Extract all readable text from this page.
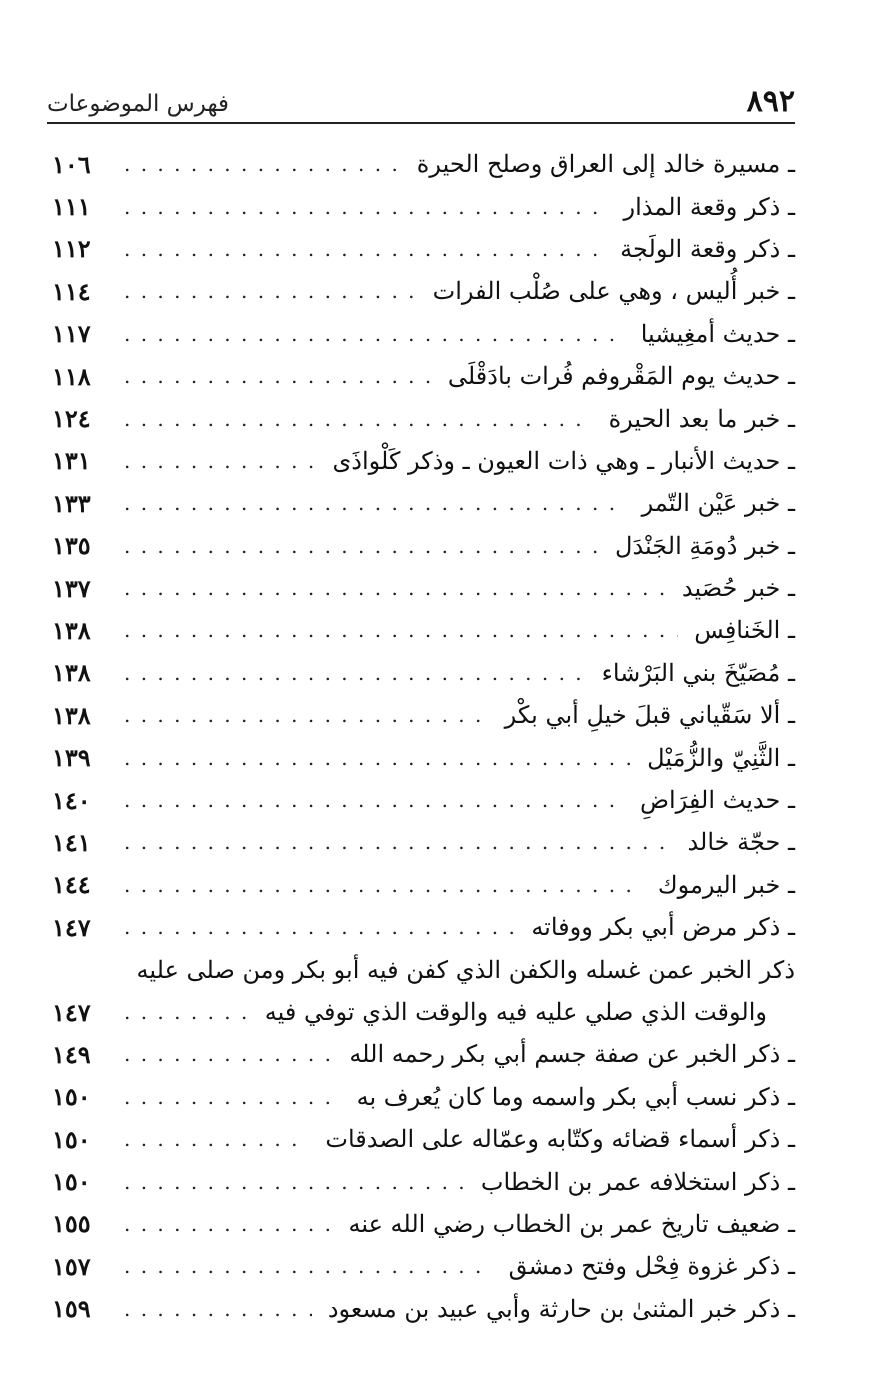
٨٩٢
فهرس الموضوعات
ـ مسيرة خالد إلى العراق وصلح الحيرة
. . .
١٠٦
ـ ذكر وقعة المذار
. . .
١١١
ـ ذكر وقعة الولَجة
. . .
١١٢
ـ خبر أُليس ، وهي على صُلْب الفرات
. . .
١١٤
ـ حديث أمغِيشيا
. . .
١١٧
ـ حديث يوم المَقْروفم فُرات بادَقْلَى
. . .
١١٨
ـ خبر ما بعد الحيرة
. . .
١٢٤
ـ حديث الأنبار ـ وهي ذات العيون ـ وذكر كَلْواذَى
. . .
١٣١
ـ خبر عَيْن التّمر
. . .
١٣٣
ـ خبر دُومَةِ الجَنْدَل
. . .
١٣٥
ـ خبر حُصَيد
. . .
١٣٧
ـ الخَنافِس
. . .
١٣٨
ـ مُصَيّخَ بني البَرْشاء
. . .
١٣٨
ـ ألا سَقّياني قبلَ خيلِ أبي بكْر
. . .
١٣٨
ـ الثَّنِيّ والزُّمَيْل
. . .
١٣٩
ـ حديث الفِرَاضِ
. . .
١٤٠
ـ حجّة خالد
. . .
١٤١
ـ خبر اليرموك
. . .
١٤٤
ـ ذكر مرض أبي بكر ووفاته
. . .
١٤٧
ذكر الخبر عمن غسله والكفن الذي كفن فيه أبو بكر ومن صلى عليه
والوقت الذي صلي عليه فيه والوقت الذي توفي فيه
. . .
١٤٧
ـ ذكر الخبر عن صفة جسم أبي بكر رحمه الله
. . .
١٤٩
ـ ذكر نسب أبي بكر واسمه وما كان يُعرف به
. . .
١٥٠
ـ ذكر أسماء قضائه وكتّابه وعمّاله على الصدقات
. . .
١٥٠
ـ ذكر استخلافه عمر بن الخطاب
. . .
١٥٠
ـ ضعيف تاريخ عمر بن الخطاب رضي الله عنه
. . .
١٥٥
ـ ذكر غزوة فِحْل وفتح دمشق
. . .
١٥٧
ـ ذكر خبر المثنىٰ بن حارثة وأبي عبيد بن مسعود
. . .
١٥٩
